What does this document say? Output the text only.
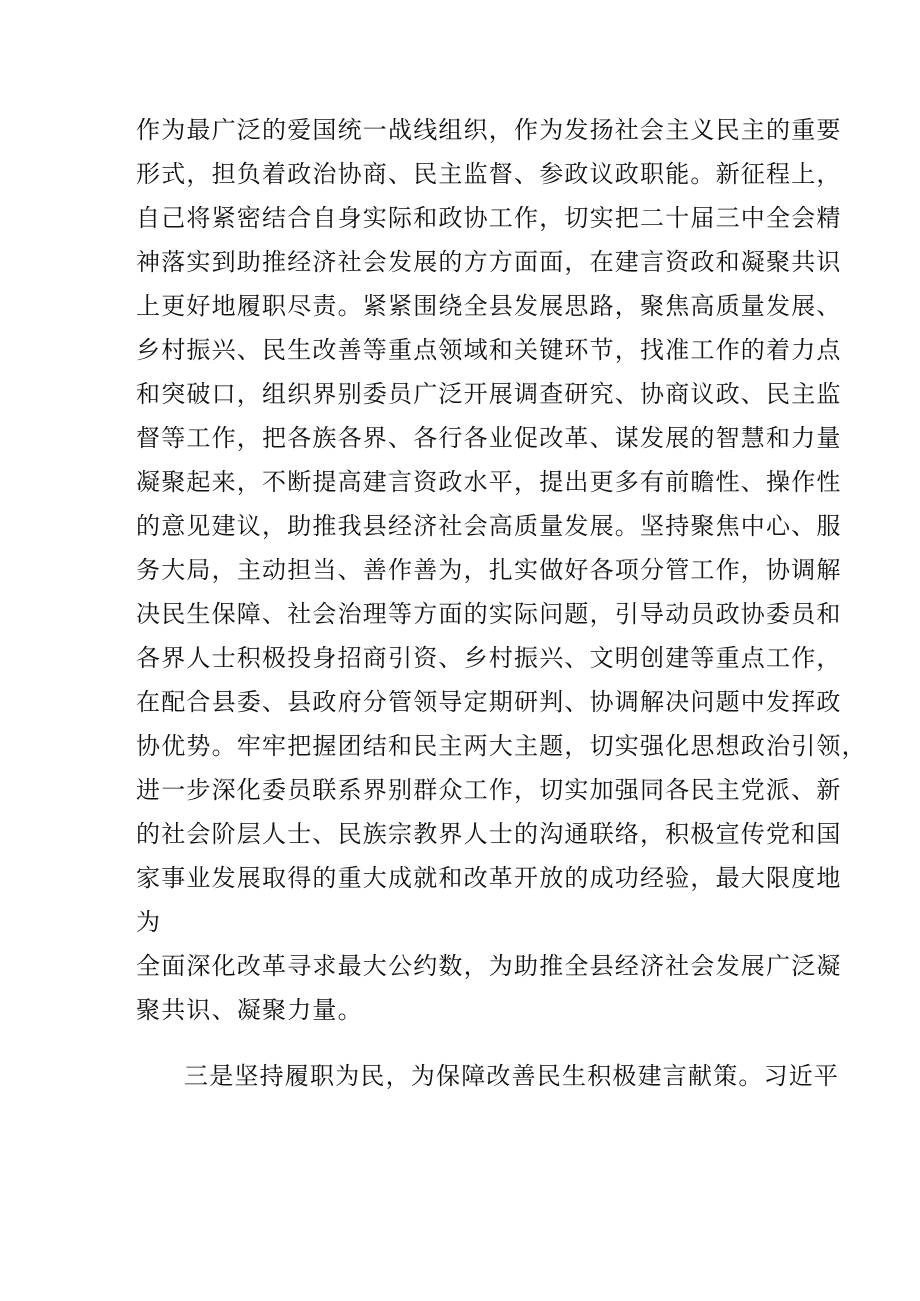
作为最广泛的爱国统一战线组织，作为发扬社会主义民主的重要
形式，担负着政治协商、民主监督、参政议政职能。新征程上，
自己将紧密结合自身实际和政协工作，切实把二十届三中全会精
神落实到助推经济社会发展的方方面面，在建言资政和凝聚共识
上更好地履职尽责。紧紧围绕全县发展思路，聚焦高质量发展、
乡村振兴、民生改善等重点领域和关键环节，找准工作的着力点
和突破口，组织界别委员广泛开展调查研究、协商议政、民主监
督等工作，把各族各界、各行各业促改革、谋发展的智慧和力量
凝聚起来，不断提高建言资政水平，提出更多有前瞻性、操作性
的意见建议，助推我县经济社会高质量发展。坚持聚焦中心、服
务大局，主动担当、善作善为，扎实做好各项分管工作，协调解
决民生保障、社会治理等方面的实际问题，引导动员政协委员和
各界人士积极投身招商引资、乡村振兴、文明创建等重点工作，
在配合县委、县政府分管领导定期研判、协调解决问题中发挥政
协优势。牢牢把握团结和民主两大主题，切实强化思想政治引领，
进一步深化委员联系界别群众工作，切实加强同各民主党派、新
的社会阶层人士、民族宗教界人士的沟通联络，积极宣传党和国
家事业发展取得的重大成就和改革开放的成功经验，最大限度地
为
全面深化改革寻求最大公约数，为助推全县经济社会发展广泛凝
聚共识、凝聚力量。
三是坚持履职为民，为保障改善民生积极建言献策。习近平
